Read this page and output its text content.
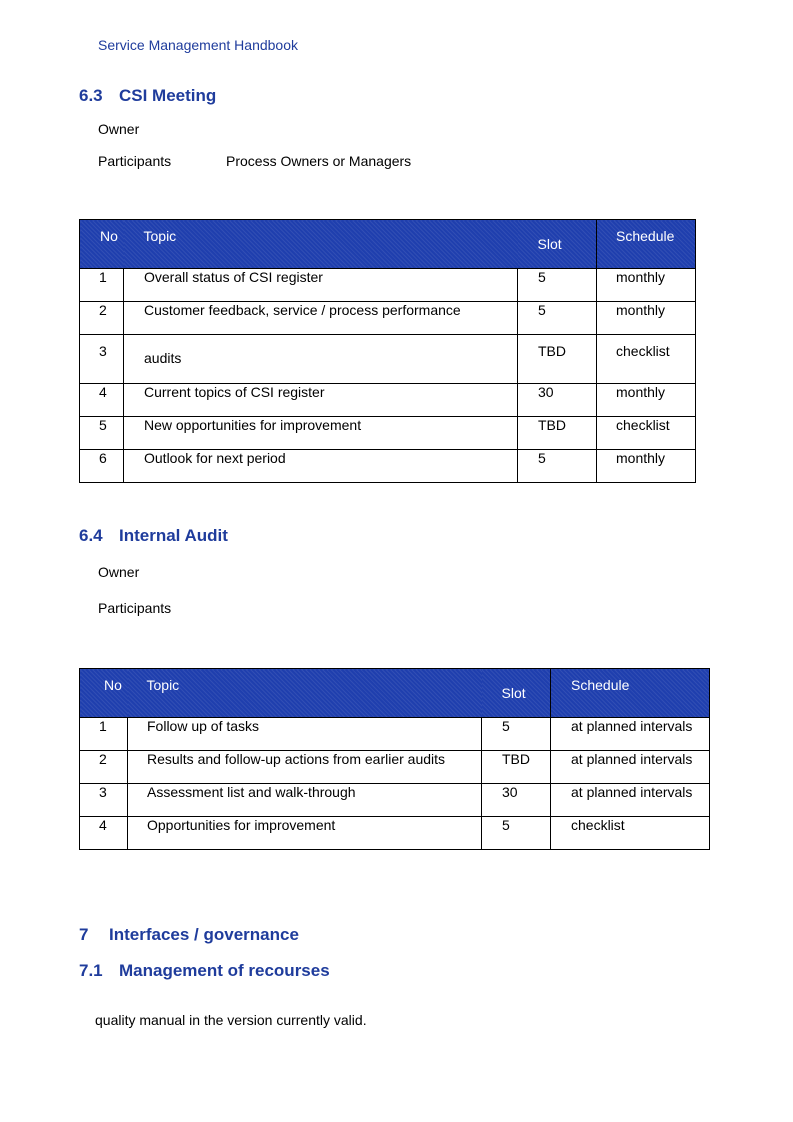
Service Management Handbook
6.3 CSI Meeting
Owner
Participants	Process Owners or Managers
No	Topic	Slot	Schedule

1	Overall status of CSI register	5	monthly

2	Customer feedback, service / process performance	5	monthly

3	audits	TBD	checklist

4	Current topics of CSI register	30	monthly

5	New opportunities for improvement	TBD	checklist

6	Outlook for next period	5	monthly
6.4 Internal Audit
Owner
Participants
No	Topic	Slot	Schedule

1	Follow up of tasks	5	at planned intervals

2	Results and follow-up actions from earlier audits	TBD	at planned intervals

3	Assessment list and walk-through	30	at planned intervals

4	Opportunities for improvement	5	checklist
7 Interfaces / governance
7.1 Management of recourses
quality manual in the version currently valid.
